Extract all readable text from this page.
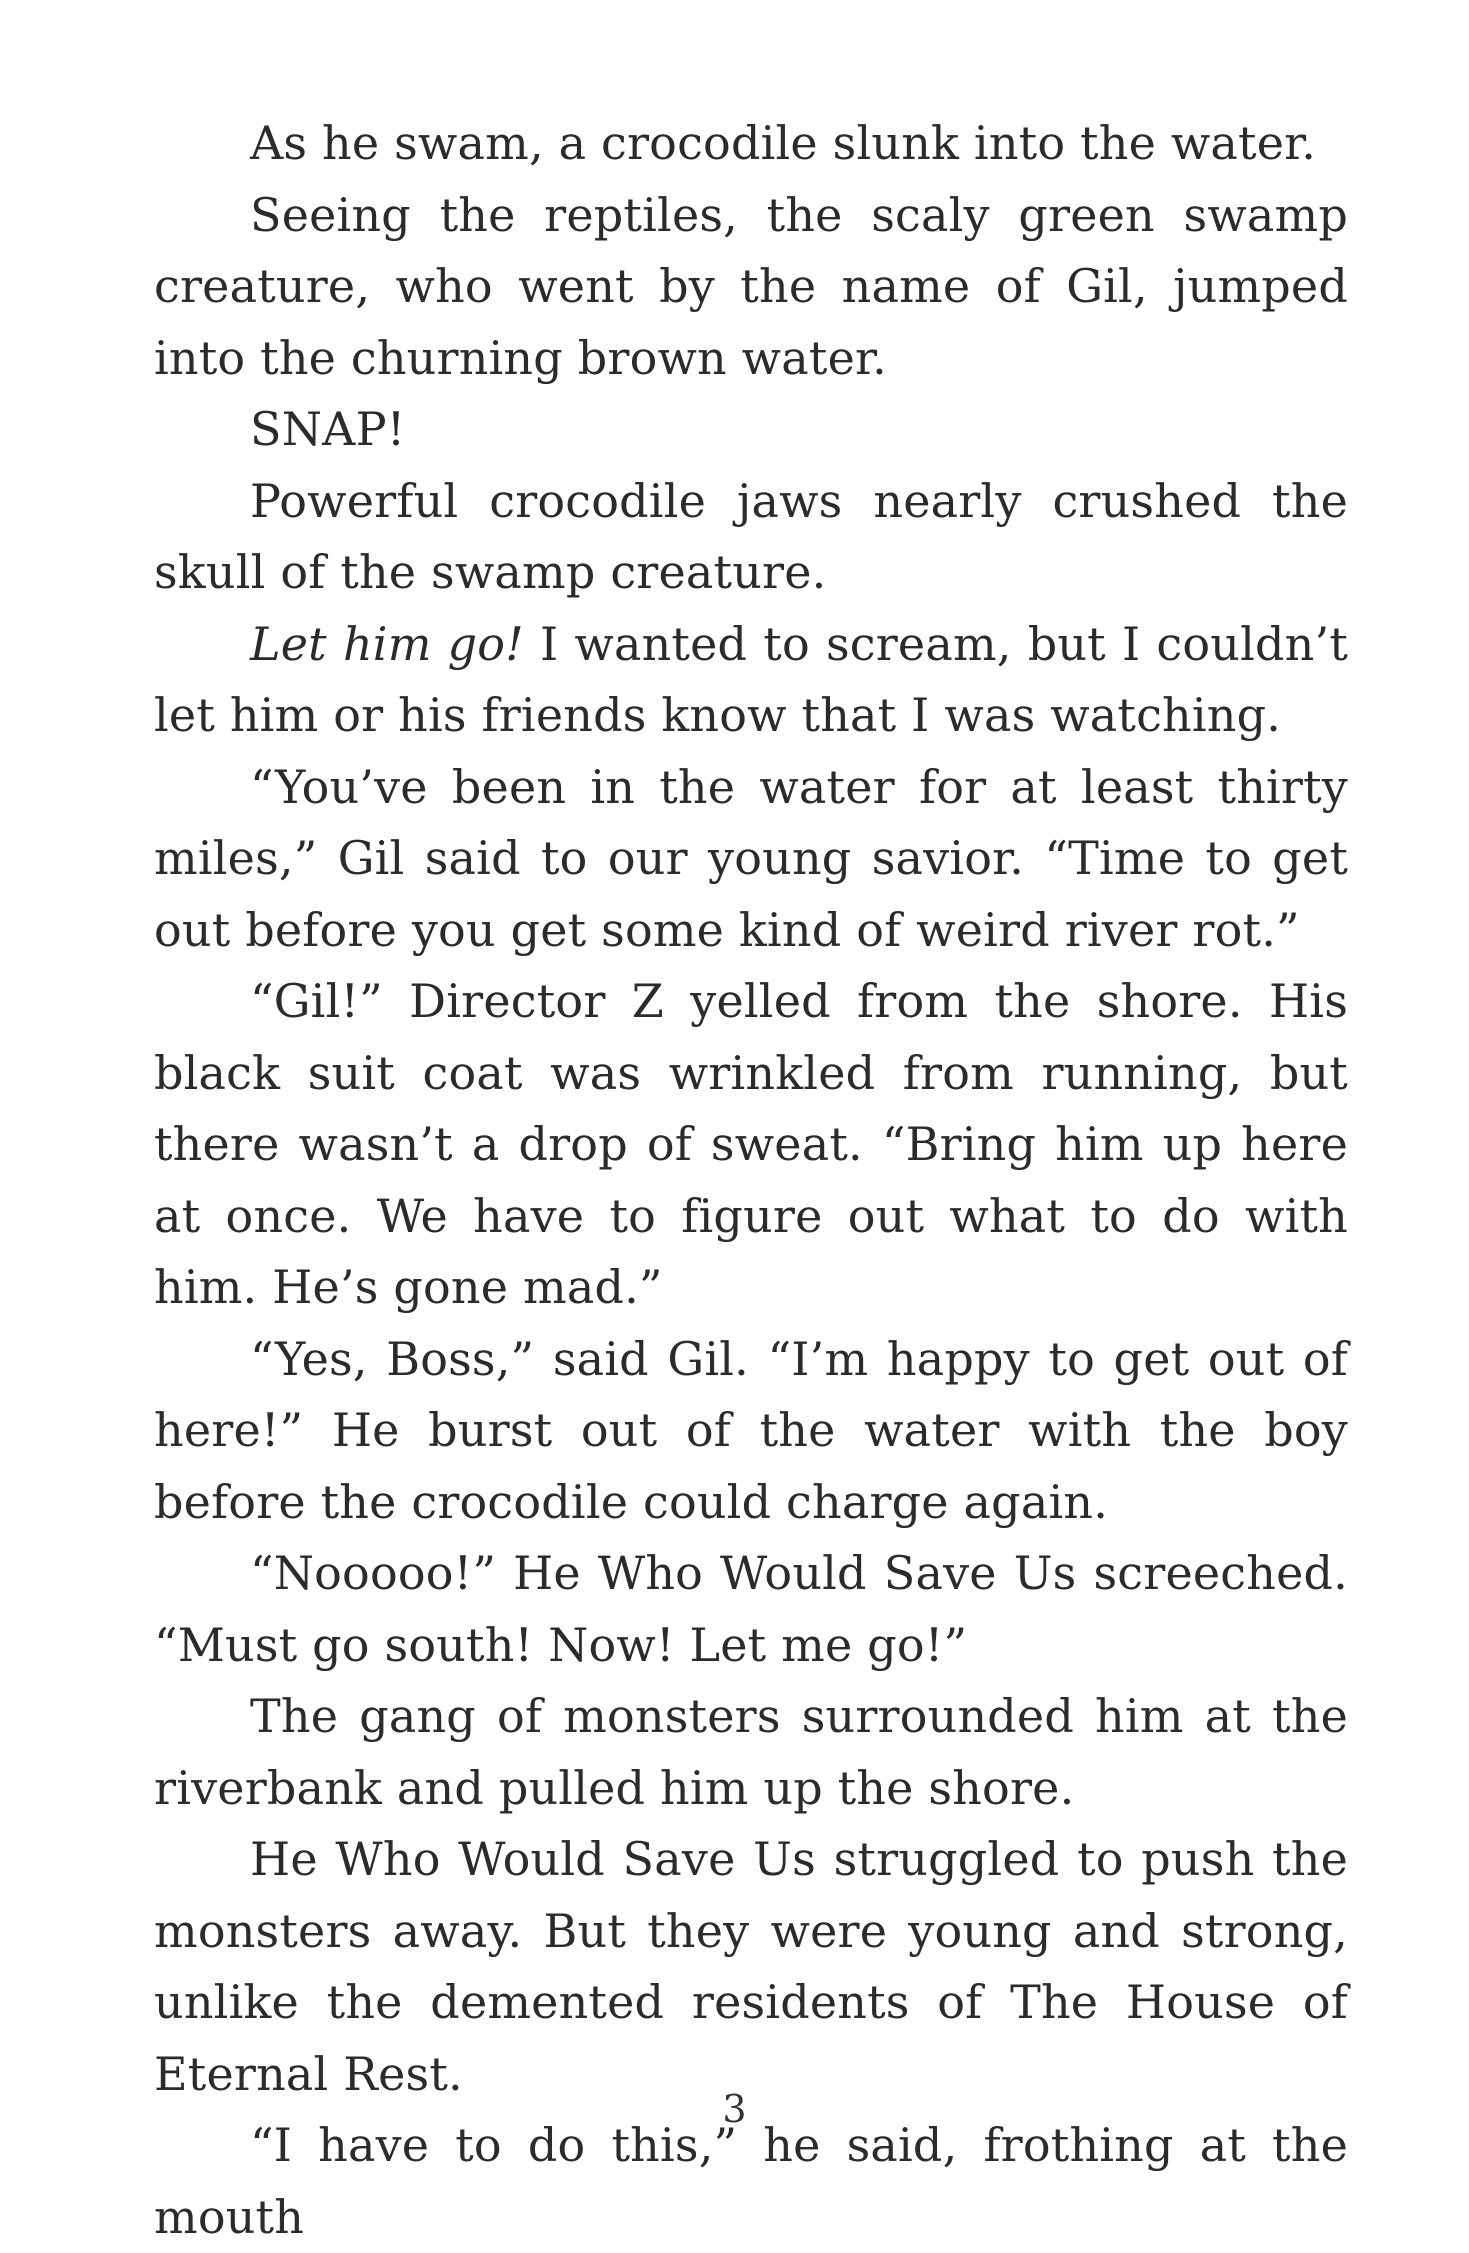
As he swam, a crocodile slunk into the water.

Seeing the reptiles, the scaly green swamp creature, who went by the name of Gil, jumped into the churning brown water.

SNAP!

Powerful crocodile jaws nearly crushed the skull of the swamp creature.

Let him go! I wanted to scream, but I couldn’t let him or his friends know that I was watching.

“You’ve been in the water for at least thirty miles,” Gil said to our young savior. “Time to get out before you get some kind of weird river rot.”

“Gil!” Director Z yelled from the shore. His black suit coat was wrinkled from running, but there wasn’t a drop of sweat. “Bring him up here at once. We have to figure out what to do with him. He’s gone mad.”

“Yes, Boss,” said Gil. “I’m happy to get out of here!” He burst out of the water with the boy before the crocodile could charge again.

“Nooooo!” He Who Would Save Us screeched. “Must go south! Now! Let me go!”

The gang of monsters surrounded him at the riverbank and pulled him up the shore.

He Who Would Save Us struggled to push the monsters away. But they were young and strong, unlike the demented residents of The House of Eternal Rest.

“I have to do this,” he said, frothing at the mouth

3
